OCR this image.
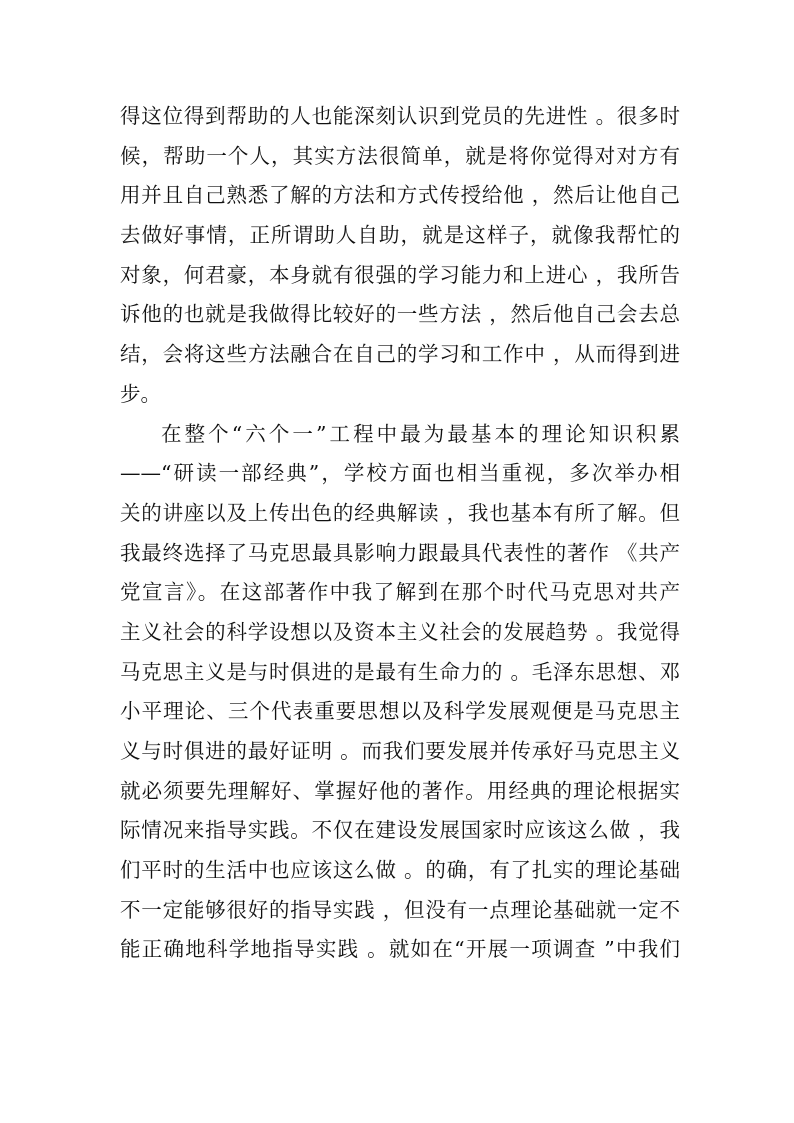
得这位得到帮助的人也能深刻认识到党员的先进性 。很多时
候，帮助一个人，其实方法很简单，就是将你觉得对对方有
用并且自己熟悉了解的方法和方式传授给他 ，然后让他自己
去做好事情，正所谓助人自助，就是这样子，就像我帮忙的
对象，何君豪，本身就有很强的学习能力和上进心 ，我所告
诉他的也就是我做得比较好的一些方法 ，然后他自己会去总
结，会将这些方法融合在自己的学习和工作中 ，从而得到进
步。
在整个“六个一”工程中最为最基本的理论知识积累
——“研读一部经典”，学校方面也相当重视，多次举办相
关的讲座以及上传出色的经典解读 ，我也基本有所了解。但
我最终选择了马克思最具影响力跟最具代表性的著作 《共产
党宣言》。在这部著作中我了解到在那个时代马克思对共产
主义社会的科学设想以及资本主义社会的发展趋势 。我觉得
马克思主义是与时俱进的是最有生命力的 。毛泽东思想、邓
小平理论、三个代表重要思想以及科学发展观便是马克思主
义与时俱进的最好证明 。而我们要发展并传承好马克思主义
就必须要先理解好、掌握好他的著作。用经典的理论根据实
际情况来指导实践。不仅在建设发展国家时应该这么做 ，我
们平时的生活中也应该这么做 。的确，有了扎实的理论基础
不一定能够很好的指导实践 ，但没有一点理论基础就一定不
能正确地科学地指导实践 。就如在“开展一项调查 ”中我们
